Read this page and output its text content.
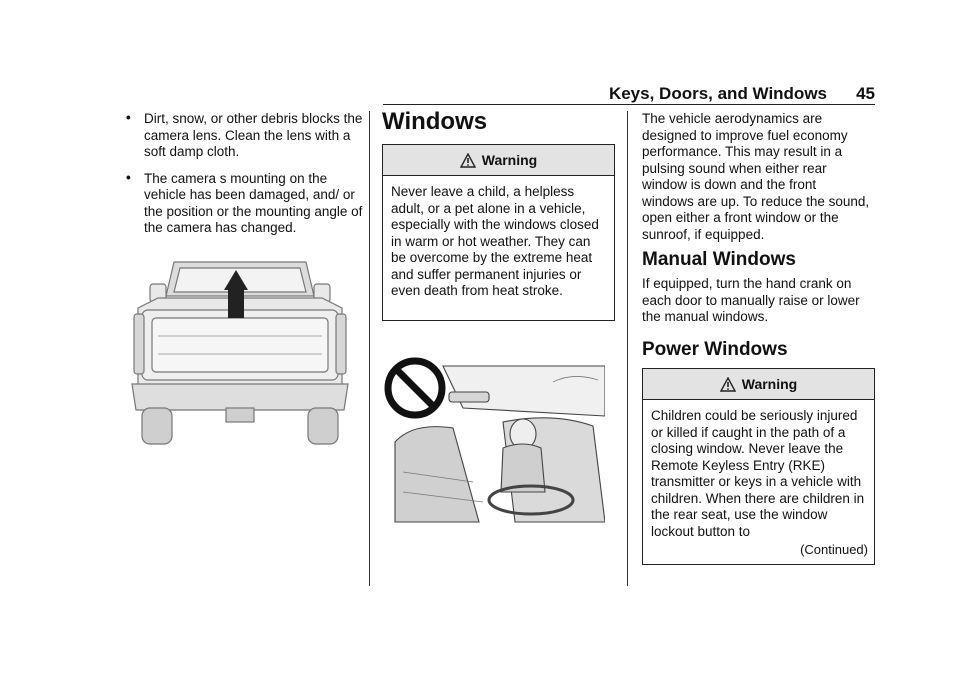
Keys, Doors, and Windows 45
• Dirt, snow, or other debris blocks the camera lens. Clean the lens with a soft damp cloth.
• The camera s mounting on the vehicle has been damaged, and/ or the position or the mounting angle of the camera has changed.
Windows
Warning
Never leave a child, a helpless adult, or a pet alone in a vehicle, especially with the windows closed in warm or hot weather. They can be overcome by the extreme heat and suffer permanent injuries or even death from heat stroke.
The vehicle aerodynamics are designed to improve fuel economy performance. This may result in a pulsing sound when either rear window is down and the front windows are up. To reduce the sound, open either a front window or the sunroof, if equipped.
Manual Windows
If equipped, turn the hand crank on each door to manually raise or lower the manual windows.
Power Windows
Warning
Children could be seriously injured or killed if caught in the path of a closing window. Never leave the Remote Keyless Entry (RKE) transmitter or keys in a vehicle with children. When there are children in the rear seat, use the window lockout button to
(Continued)
